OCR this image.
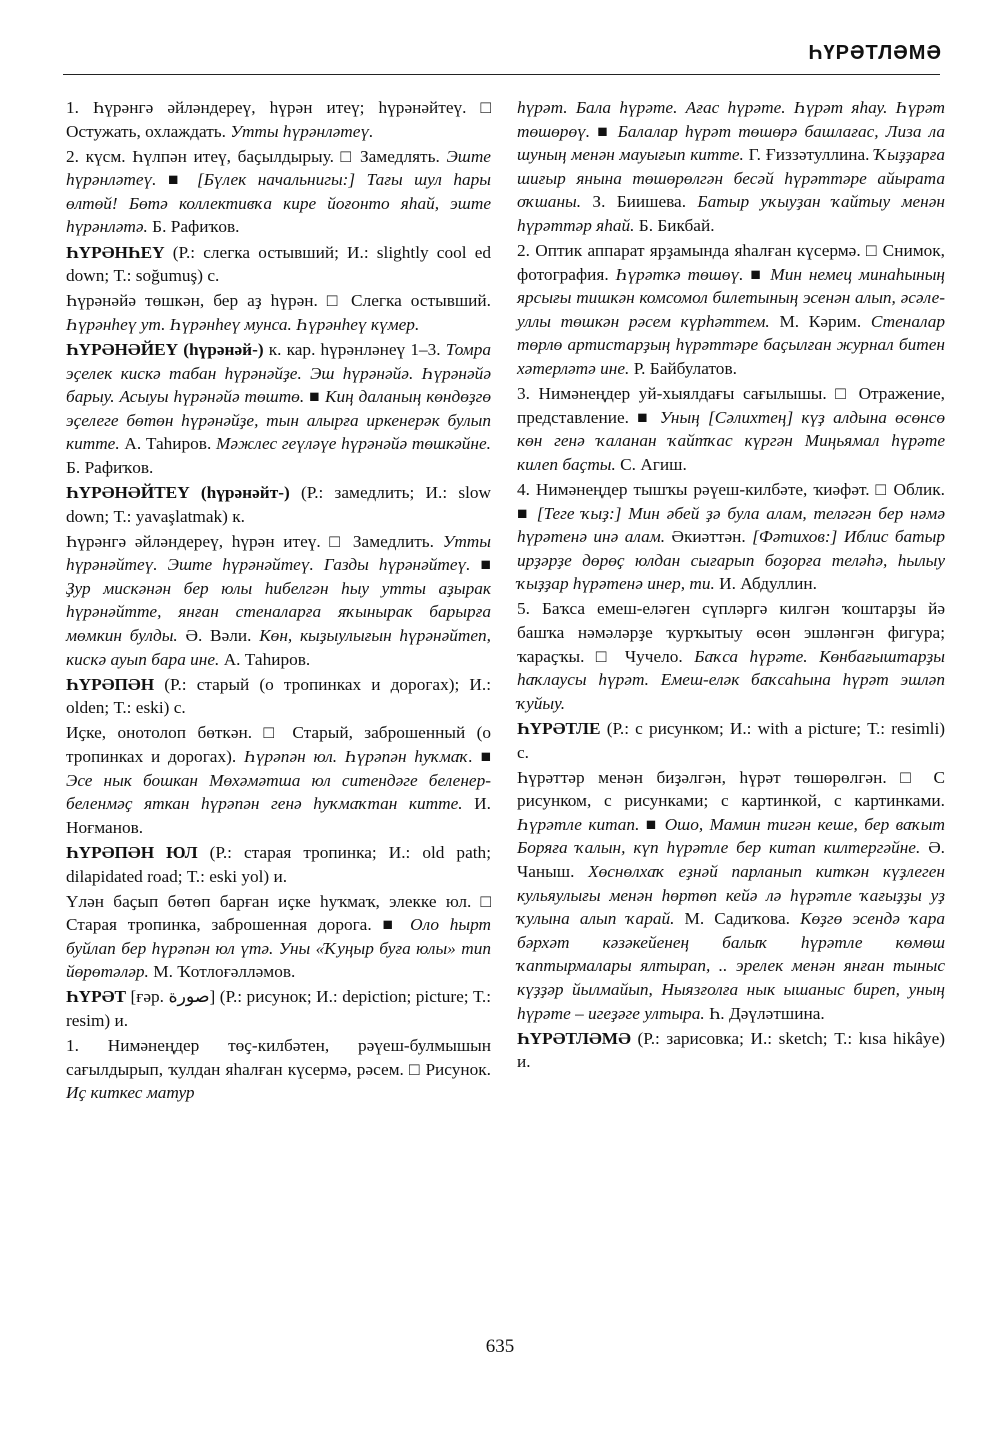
ҺҮРӘТЛӘМӘ

1. Һүрәнгә әйләндереү, һүрән итеү; һүрәнәйтеү. □ Остужать, охлаждать. Утты һүрәнләтеү.

2. күсм. Һүлпән итеү, баҫылдырыу. □ Замедлять. Эште һүрәнләтеү. ■ [Бүлек начальнигы:] Тағы шул һары өлтөй! Бөтә коллективҡа кире йоғонто яһай, эште һүрәнләтә. Б. Рафиҡов.

ҺҮРӘНҺЕҮ (Р.: слегка остывший; И.: slightly cool ed down; Т.: soğumuş) с.

Һүрәнәйә төшкән, бер аҙ һүрән. □ Слегка остывший. Һүрәнһеү ут. Һүрәнһеү мунса. Һүрәнһеү күмер.

ҺҮРӘНӘЙЕҮ (һүрәнәй-) к. кар. һүрәнләнеү 1–3. Томра эҫелек кискә табан һүрәнәйҙе. Эш һүрәнәйә. Һүрәнәйә барыу. Асыуы һүрәнәйә төштө. ■ Киң даланың көндөҙгө эҫелеге бөтөн һүрәнәйҙе, тын алырға иркенерәк булып китте. А. Таһиров. Мәжлес геүләүе һүрәнәйә төшкәйне. Б. Рафиҡов.

ҺҮРӘНӘЙТЕҮ (һүрәнәйт-) (Р.: замедлить; И.: slow down; Т.: yavaşlatmak) к.

Һүрәнгә әйләндереү, һүрән итеү. □ Замедлить. Утты һүрәнәйтеү. Эште һүрәнәйтеү. Газды һүрәнәйтеү. ■ Ҙур мискәнән бер юлы һибелгән һыу утты аҙырак һүрәнәйтте, янған стеналарға яҡынырак барырға мөмкин булды. Ә. Вәли. Көн, кыҙыулығын һүрәнәйтеп, кискә ауып бара ине. А. Таһиров.

ҺҮРӘПӘН (Р.: старый (о тропинках и дорогах); И.: olden; Т.: eski) с.

Иҫке, онотолоп бөткән. □ Старый, заброшенный (о тропинках и дорогах). Һүрәпән юл. Һүрәпән һуҡмаҡ. ■ Эсе нык бошкан Мөхәмәтша юл ситендәге беленер-беленмәҫ яткан һүрәпән генә һуҡмаҡтан китте. И. Ноғманов.

ҺҮРӘПӘН ЮЛ (Р.: старая тропинка; И.: old path; dilapidated road; Т.: eski yol) и.

Үлән баҫып бөтөп барған иҫке һуҡмаҡ, элекке юл. □ Старая тропинка, заброшенная дорога. ■ Оло һырт буйлап бер һүрәпән юл үтә. Уны «Ҡуңыр буға юлы» тип йөрөтәләр. М. Ҡотлоғәлләмов.

ҺҮРӘТ [ғәр. صورة] (Р.: рисунок; И.: depiction; picture; Т.: resim) и.

1. Нимәнеңдер төҫ-килбәтен, рәүеш-булмышын сағылдырып, ҡулдан яһалған күсермә, рәсем. □ Рисунок. Иҫ киткес матур

һүрәт. Бала һүрәте. Ағас һүрәте. Һүрәт яһау. Һүрәт төшөрөү. ■ Балалар һүрәт төшөрә башлағас, Лиза ла шуның менән мауығып китте. Г. Ғиззәтуллина. Ҡыҙҙарға шиғыр янына төшөрөлгән бесәй һүрәттәре айырата оҡшаны. З. Биишева. Батыр уҡыуҙан ҡайтыу менән һүрәттәр яһай. Б. Бикбай.

2. Оптик аппарат ярҙамында яһалған күсермә. □ Снимок, фотография. Һүрәткә төшөү. ■ Мин немец минаһының ярсығы тишкән комсомол билетының эсенән алып, әсәле-уллы төшкән рәсем күрһәттем. М. Кәрим. Стеналар төрлө артистарҙың һүрәттәре баҫылған журнал битен хәтерләтә ине. Р. Байбулатов.

3. Нимәнеңдер уй-хыялдағы сағылышы. □ Отражение, представление. ■ Уның [Сәлихтең] күҙ алдына өсөнсө көн генә ҡаланан ҡайтҡас күргән Миңьямал һүрәте килеп баҫты. С. Агиш.

4. Нимәнеңдер тышҡы рәүеш-килбәте, ҡиәфәт. □ Облик. ■ [Теге ҡыҙ:] Мин әбей ҙә була алам, теләгән бер нәмә һүрәтенә инә алам. Әкиәттән. [Фәтихов:] Иблис батыр ирҙәрҙе дөрөҫ юлдан сығарып боҙорға теләһә, һылыу ҡыҙҙар һүрәтенә инер, ти. И. Абдуллин.

5. Баҡса емеш-еләген сүпләргә килгән ҡоштарҙы йә башҡа нәмәләрҙе ҡурҡытыу өсөн эшләнгән фигура; ҡараҫҡы. □ Чучело. Баҡса һүрәте. Көнбағыштарҙы һаҡлаусы һүрәт. Емеш-еләк баҡсаһына һүрәт эшләп ҡуйыу.

ҺҮРӘТЛЕ (Р.: с рисунком; И.: with a picture; Т.: resimli) с.

Һүрәттәр менән биҙәлгән, һүрәт төшөрөлгән. □ С рисунком, с рисунками; с картинкой, с картинками. Һүрәтле китап. ■ Ошо, Мамин тигән кеше, бер ваҡыт Боряға ҡалын, күп һүрәтле бер китап килтергәйне. Ә. Чаныш. Хөснөлхаҡ еҙнәй парланып киткән күҙлеген кульяулығы менән һөртөп кейә лә һүрәтле ҡағыҙҙы уҙ ҡулына алып ҡарай. М. Садиҡова. Көҙгө эсендә ҡара бәрхәт кәзәкейенең балыҡ һүрәтле көмөш ҡаптырмалары ялтырап, .. эрелек менән янған тыныс күҙҙәр йылмайып, Ныязғолға нык ышаныс биреп, уның һүрәте – игеҙәге ултыра. Һ. Дәүләтшина.

ҺҮРӘТЛӘМӘ (Р.: зарисовка; И.: sketch; Т.: kısa hikâye) и.

635
